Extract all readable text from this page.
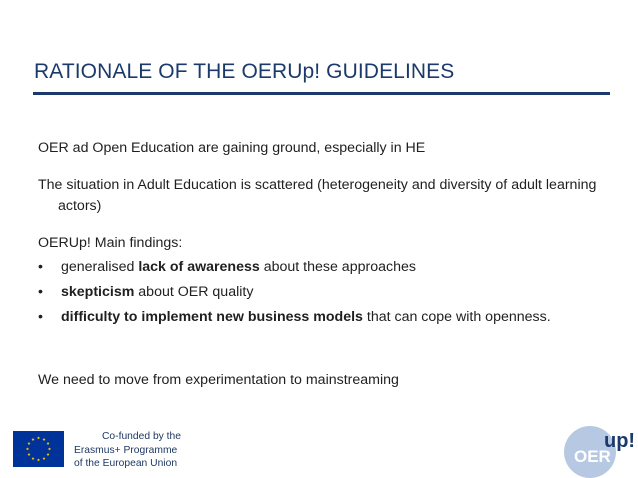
RATIONALE OF THE OERUp! GUIDELINES

OER ad Open Education are gaining ground, especially in HE

The situation in Adult Education is scattered (heterogeneity and diversity of adult learning actors)

OERUp! Main findings:

• generalised lack of awareness about these approaches
• skepticism about OER quality
• difficulty to implement new business models that can cope with openness.

We need to move from experimentation to mainstreaming

Co-funded by the
Erasmus+ Programme
of the European Union	OER
up!
